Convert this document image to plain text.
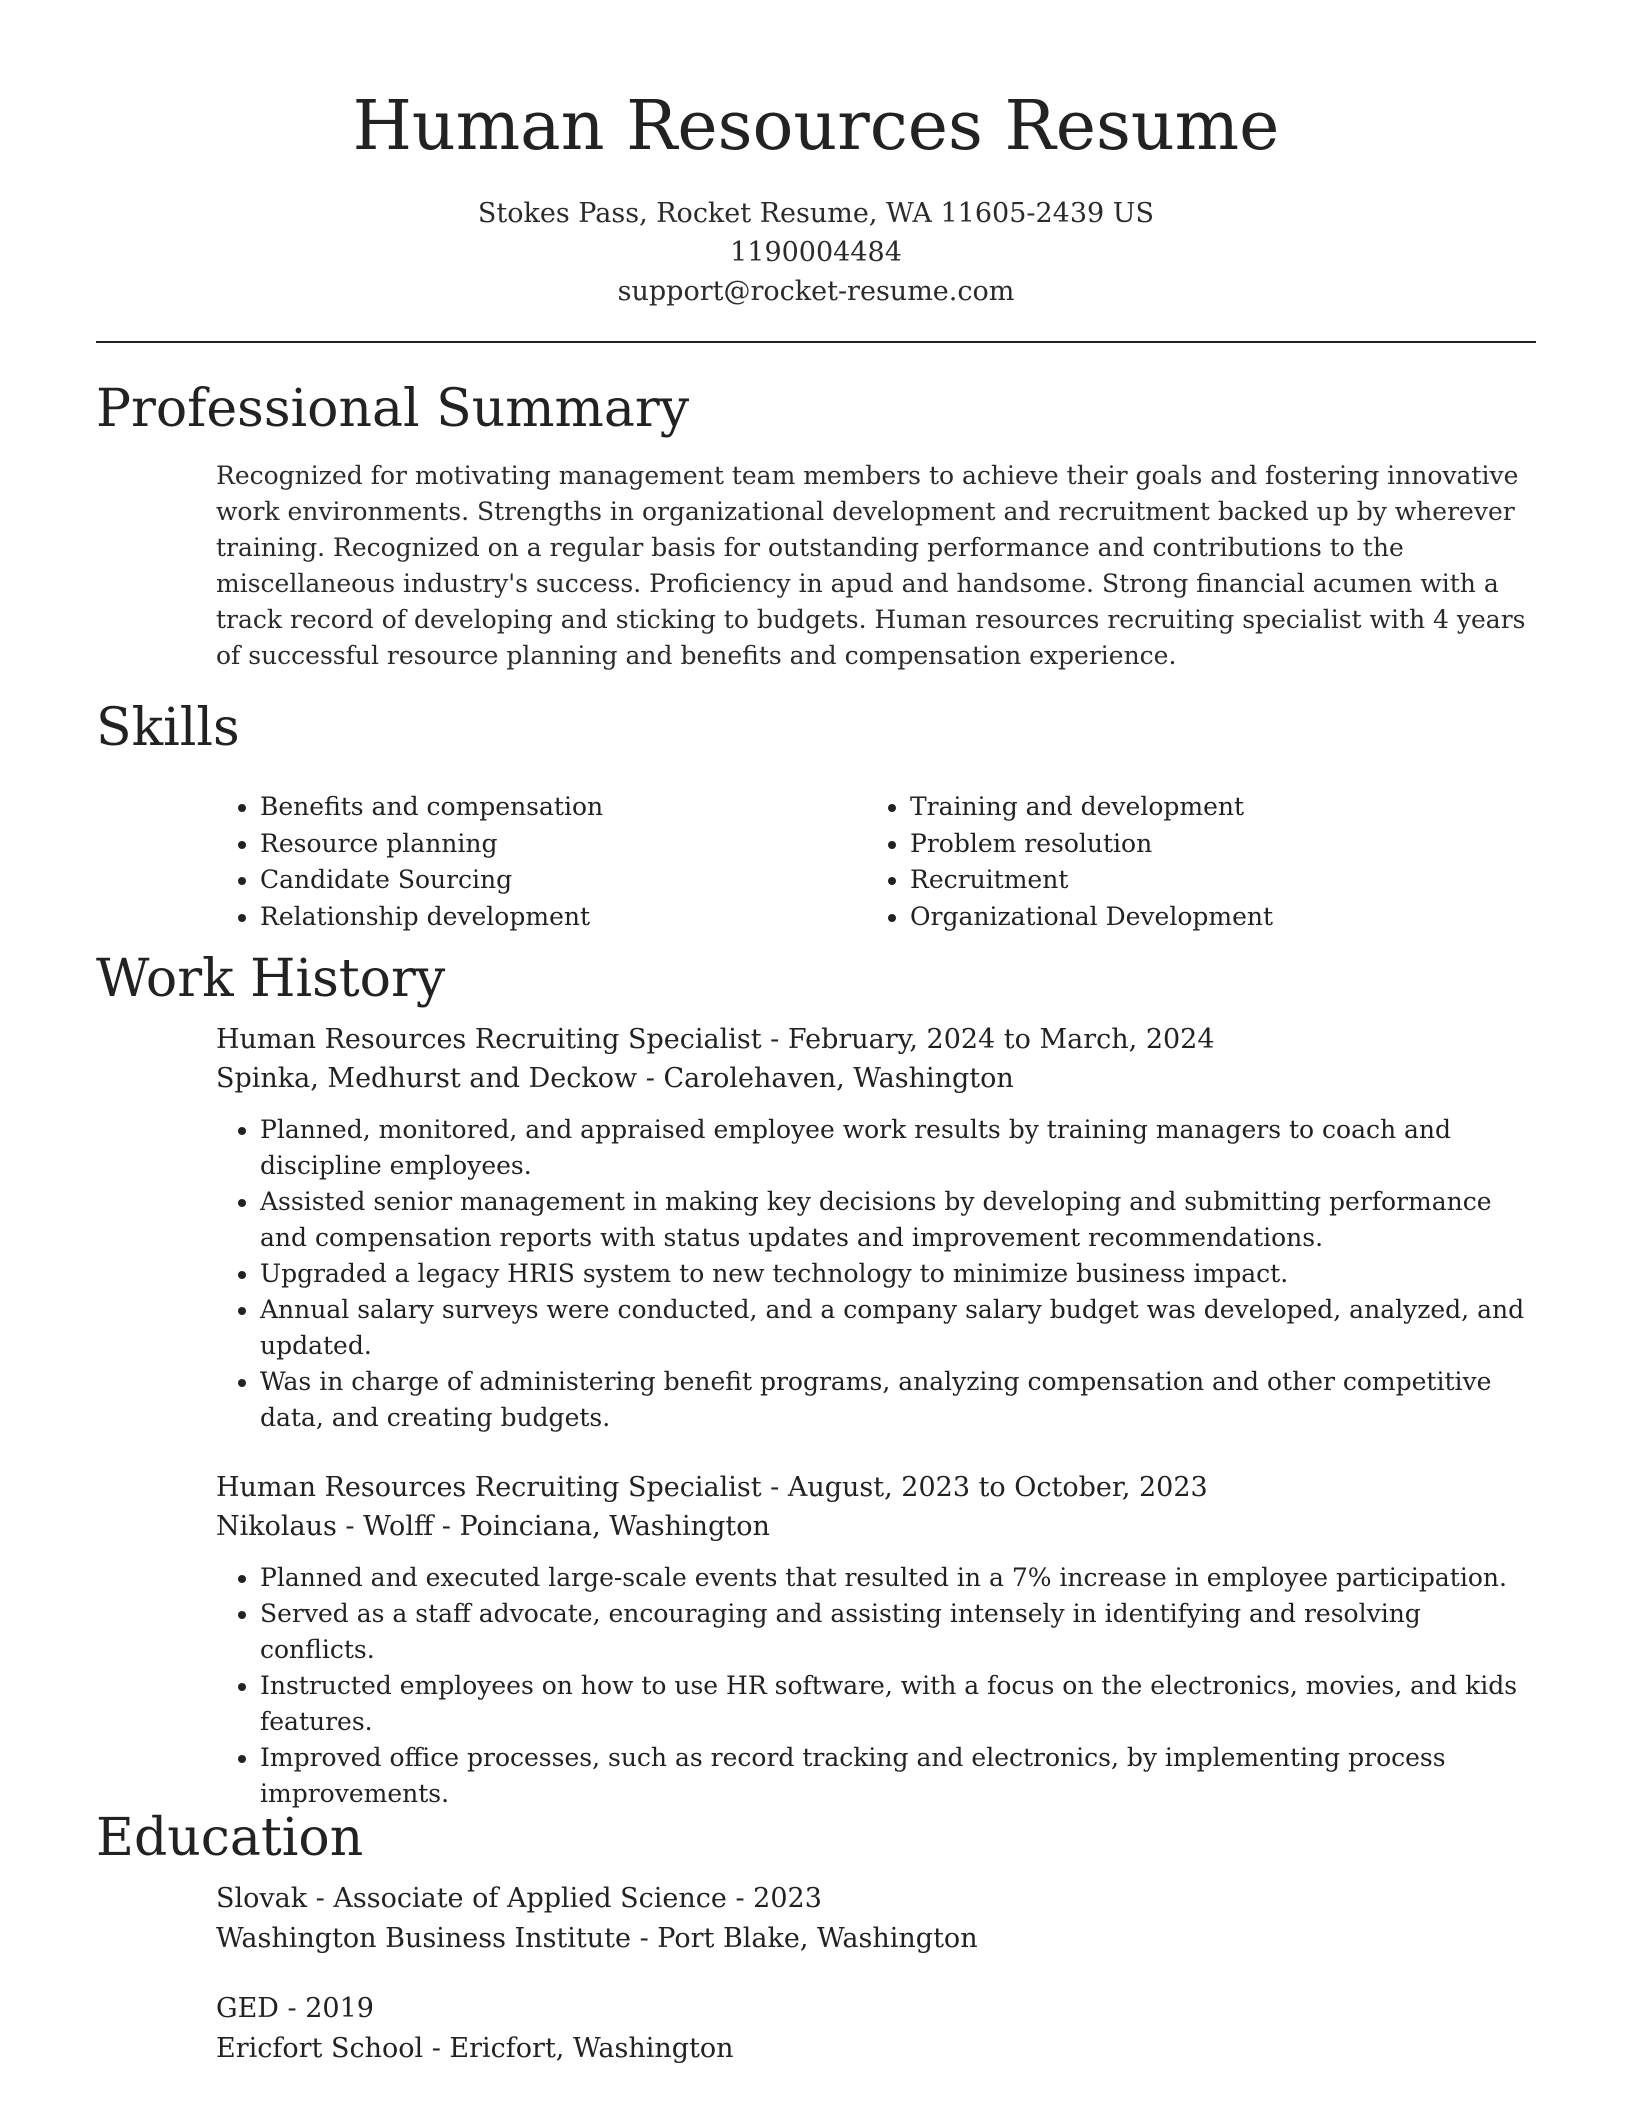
Human Resources Resume
Stokes Pass, Rocket Resume, WA 11605-2439 US
1190004484
support@rocket-resume.com
Professional Summary
Recognized for motivating management team members to achieve their goals and fostering innovative work environments. Strengths in organizational development and recruitment backed up by wherever training. Recognized on a regular basis for outstanding performance and contributions to the miscellaneous industry's success. Proficiency in apud and handsome. Strong financial acumen with a track record of developing and sticking to budgets. Human resources recruiting specialist with 4 years of successful resource planning and benefits and compensation experience.
Skills
• Benefits and compensation
• Resource planning
• Candidate Sourcing
• Relationship development
• Training and development
• Problem resolution
• Recruitment
• Organizational Development
Work History
Human Resources Recruiting Specialist - February, 2024 to March, 2024
Spinka, Medhurst and Deckow - Carolehaven, Washington
• Planned, monitored, and appraised employee work results by training managers to coach and discipline employees.
• Assisted senior management in making key decisions by developing and submitting performance and compensation reports with status updates and improvement recommendations.
• Upgraded a legacy HRIS system to new technology to minimize business impact.
• Annual salary surveys were conducted, and a company salary budget was developed, analyzed, and updated.
• Was in charge of administering benefit programs, analyzing compensation and other competitive data, and creating budgets.
Human Resources Recruiting Specialist - August, 2023 to October, 2023
Nikolaus - Wolff - Poinciana, Washington
• Planned and executed large-scale events that resulted in a 7% increase in employee participation.
• Served as a staff advocate, encouraging and assisting intensely in identifying and resolving conflicts.
• Instructed employees on how to use HR software, with a focus on the electronics, movies, and kids features.
• Improved office processes, such as record tracking and electronics, by implementing process improvements.
Education
Slovak - Associate of Applied Science - 2023
Washington Business Institute - Port Blake, Washington
GED - 2019
Ericfort School - Ericfort, Washington
